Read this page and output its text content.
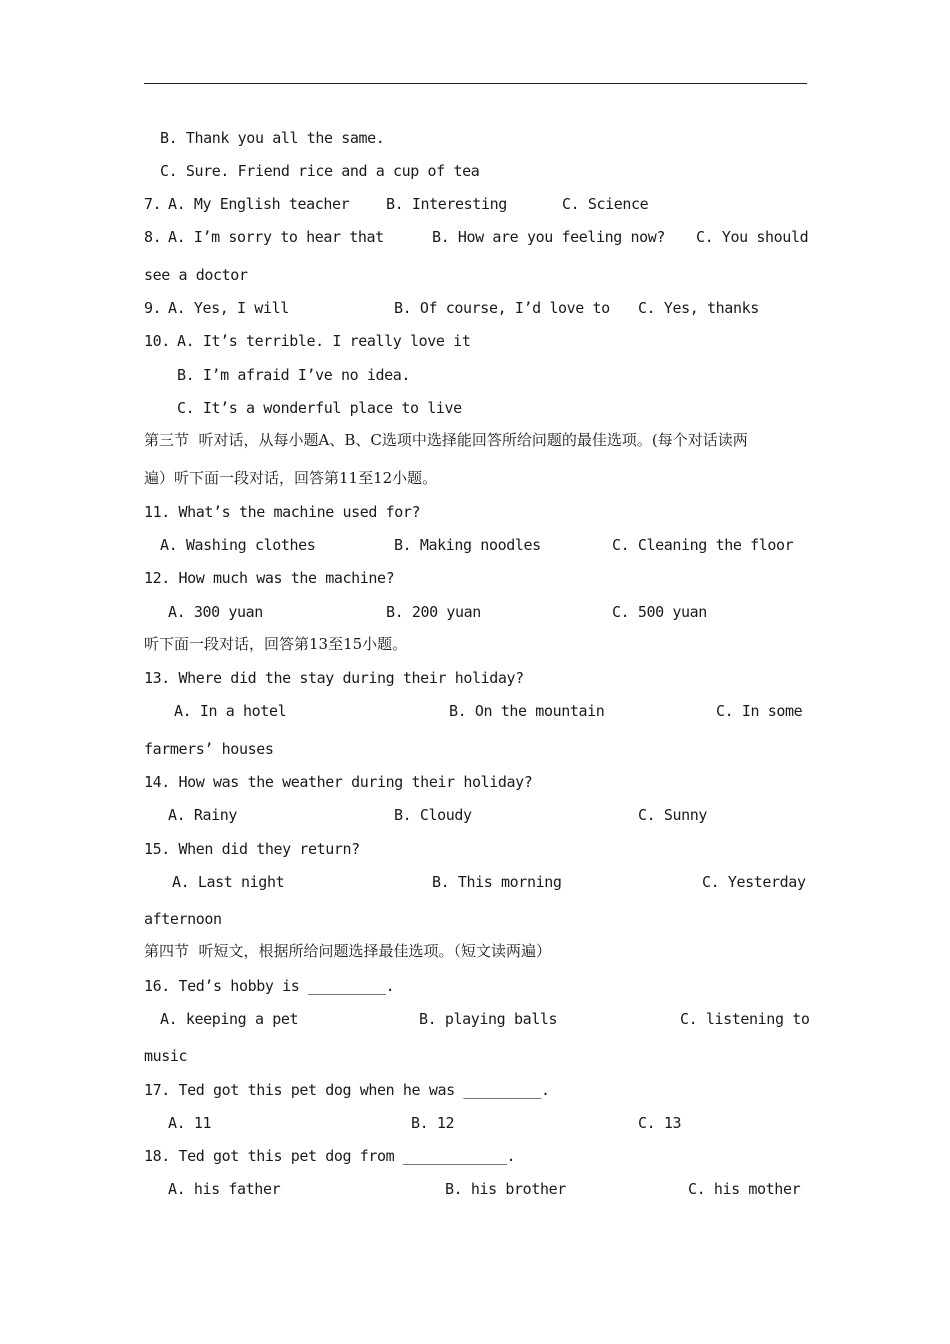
B. Thank you all the same.
C. Sure. Friend rice and a cup of tea
7. A. My English teacher B. Interesting	C. Science
8. A. I’m sorry to hear that	B. How are you feeling now? C. You should
see a doctor
9. A. Yes, I will	B. Of course, I’d love to C. Yes, thanks
10. A. It’s terrible. I really love it
B. I’m afraid I’ve no idea.
C. It’s a wonderful place to live
第三节  听对话，从每小题A、B、C选项中选择能回答所给问题的最佳选项。(每个对话读两
遍）听下面一段对话，回答第11至12小题。
11. What’s the machine used for?
A. Washing clothes	B. Making noodles	C. Cleaning the floor
12. How much was the machine?
A. 300 yuan	B. 200 yuan	C. 500 yuan
听下面一段对话，回答第13至15小题。
13. Where did the stay during their holiday?
A. In a hotel	B. On the mountain	C. In some
farmers’ houses
14. How was the weather during their holiday?
A. Rainy	B. Cloudy	C. Sunny
15. When did they return?
A. Last night	B. This morning	C. Yesterday
afternoon
第四节  听短文，根据所给问题选择最佳选项。（短文读两遍）
16. Ted’s hobby is _________.
A. keeping a pet	B. playing balls	C. listening to
music
17. Ted got this pet dog when he was _________.
A. 11	B. 12	C. 13
18. Ted got this pet dog from ____________.
A. his father	B. his brother	C. his mother
